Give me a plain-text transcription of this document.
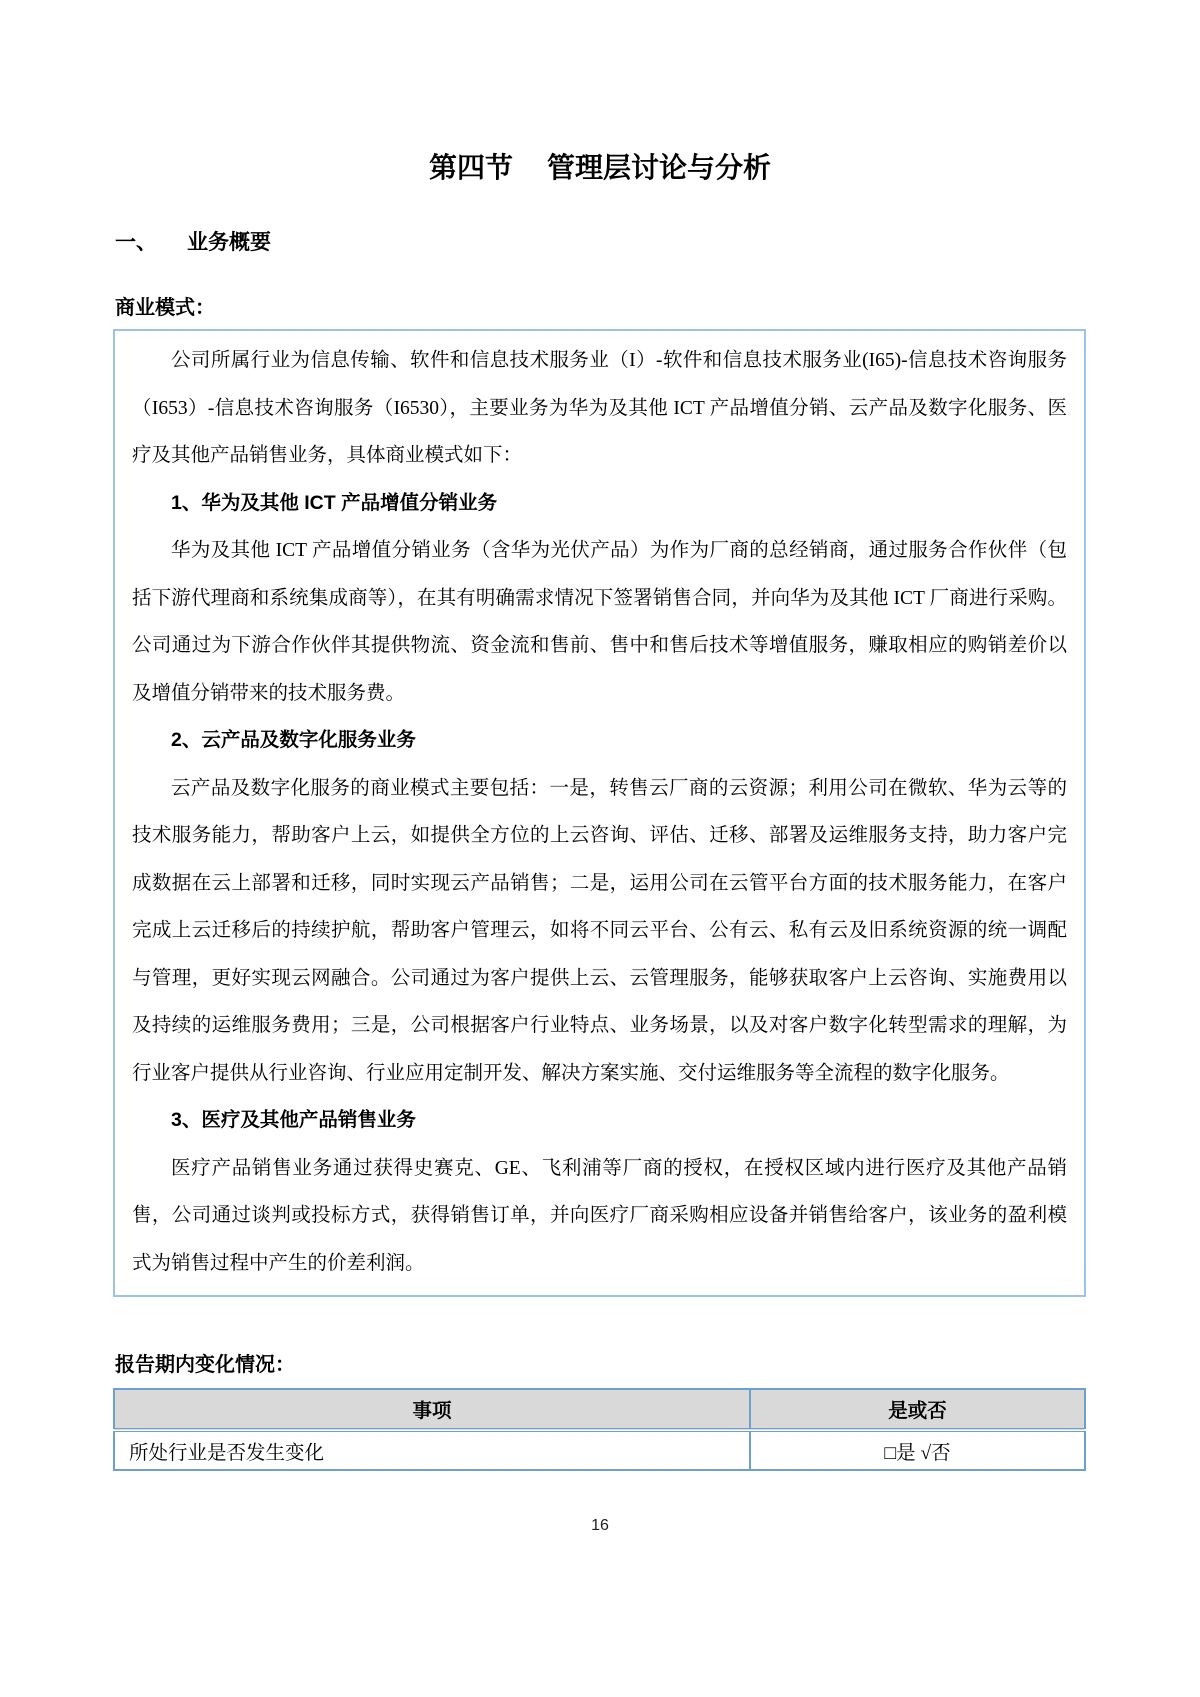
第四节 管理层讨论与分析
一、 业务概要
商业模式：

公司所属行业为信息传输、软件和信息技术服务业（I）-软件和信息技术服务业(I65)-信息技术咨询服务（I653）-信息技术咨询服务（I6530），主要业务为华为及其他 ICT 产品增值分销、云产品及数字化服务、医疗及其他产品销售业务，具体商业模式如下：

1、华为及其他 ICT 产品增值分销业务

华为及其他 ICT 产品增值分销业务（含华为光伏产品）为作为厂商的总经销商，通过服务合作伙伴（包括下游代理商和系统集成商等），在其有明确需求情况下签署销售合同，并向华为及其他 ICT 厂商进行采购。公司通过为下游合作伙伴其提供物流、资金流和售前、售中和售后技术等增值服务，赚取相应的购销差价以及增值分销带来的技术服务费。

2、云产品及数字化服务业务

云产品及数字化服务的商业模式主要包括：一是，转售云厂商的云资源；利用公司在微软、华为云等的技术服务能力，帮助客户上云，如提供全方位的上云咨询、评估、迁移、部署及运维服务支持，助力客户完成数据在云上部署和迁移，同时实现云产品销售；二是，运用公司在云管平台方面的技术服务能力，在客户完成上云迁移后的持续护航，帮助客户管理云，如将不同云平台、公有云、私有云及旧系统资源的统一调配与管理，更好实现云网融合。公司通过为客户提供上云、云管理服务，能够获取客户上云咨询、实施费用以及持续的运维服务费用；三是，公司根据客户行业特点、业务场景，以及对客户数字化转型需求的理解，为行业客户提供从行业咨询、行业应用定制开发、解决方案实施、交付运维服务等全流程的数字化服务。

3、医疗及其他产品销售业务

医疗产品销售业务通过获得史赛克、GE、飞利浦等厂商的授权，在授权区域内进行医疗及其他产品销售，公司通过谈判或投标方式，获得销售订单，并向医疗厂商采购相应设备并销售给客户，该业务的盈利模式为销售过程中产生的价差利润。

报告期内变化情况：
事项	是或否
所处行业是否发生变化	□是 √否
16
